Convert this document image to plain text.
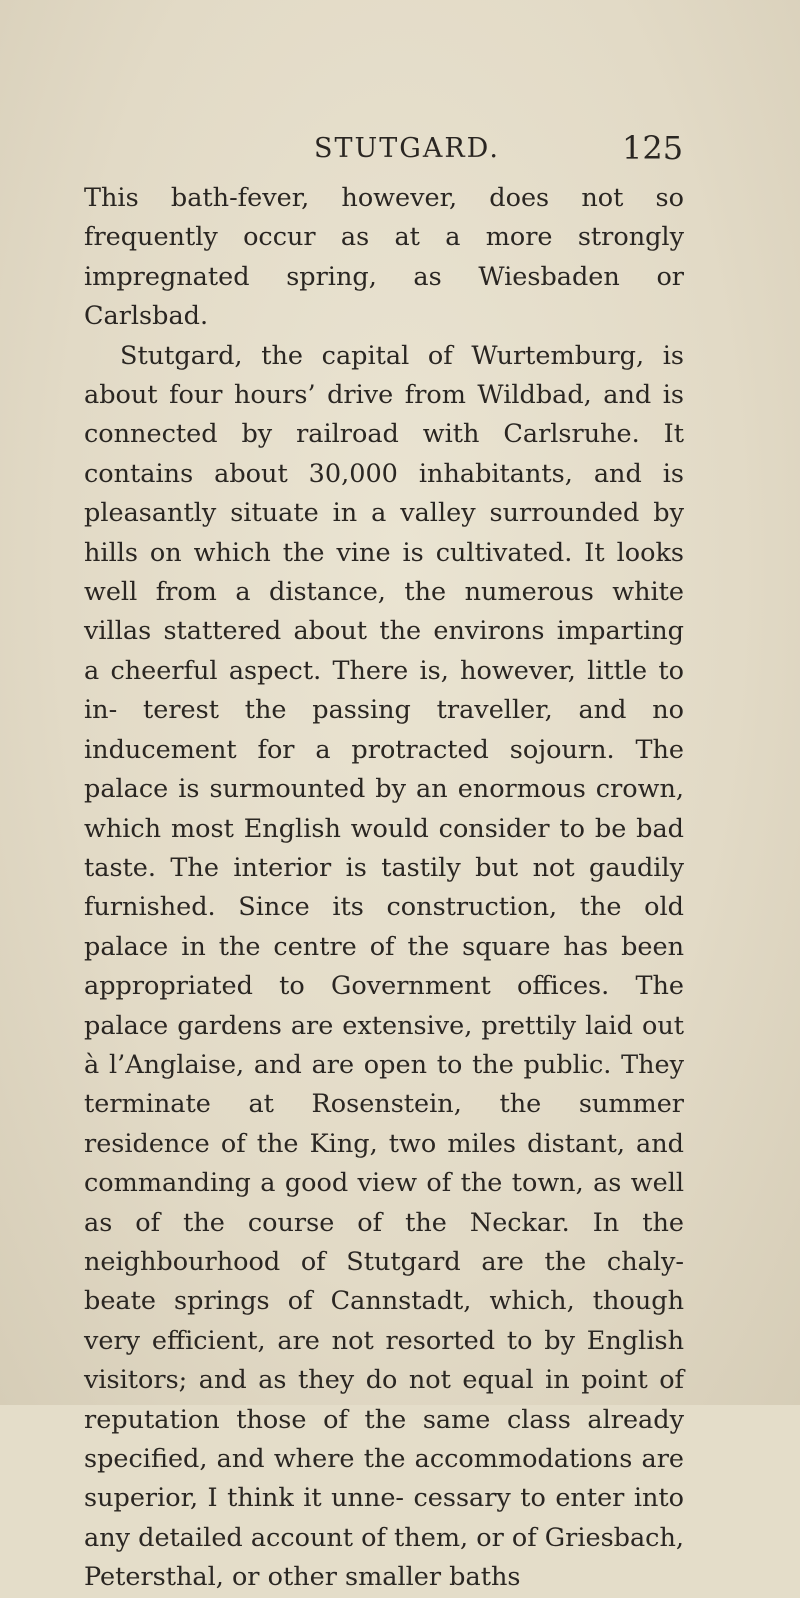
STUTGARD.	125

This bath-fever, however, does not so frequently occur as at a more strongly impregnated spring, as Wiesbaden or Carlsbad.

Stutgard, the capital of Wurtemburg, is about four hours’ drive from Wildbad, and is connected by railroad with Carlsruhe. It contains about 30,000 inhabitants, and is pleasantly situate in a valley surrounded by hills on which the vine is cultivated. It looks well from a distance, the numerous white villas stattered about the environs imparting a cheerful aspect. There is, however, little to in- terest the passing traveller, and no inducement for a protracted sojourn. The palace is surmounted by an enormous crown, which most English would consider to be bad taste. The interior is tastily but not gaudily furnished. Since its construction, the old palace in the centre of the square has been appropriated to Government offices. The palace gardens are extensive, prettily laid out à l’Anglaise, and are open to the public. They terminate at Rosenstein, the summer residence of the King, two miles distant, and commanding a good view of the town, as well as of the course of the Neckar. In the neighbourhood of Stutgard are the chaly- beate springs of Cannstadt, which, though very efficient, are not resorted to by English visitors; and as they do not equal in point of reputation those of the same class already specified, and where the accommodations are superior, I think it unne- cessary to enter into any detailed account of them, or of Griesbach, Petersthal, or other smaller baths
